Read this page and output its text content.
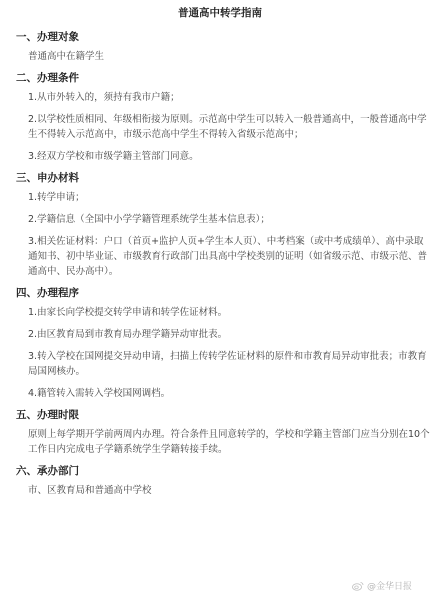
普通高中转学指南
一、办理对象
普通高中在籍学生
二、办理条件
1.从市外转入的，须持有我市户籍；
2.以学校性质相同、年级相衔接为原则。示范高中学生可以转入一般普通高中，一般普通高中学生不得转入示范高中，市级示范高中学生不得转入省级示范高中；
3.经双方学校和市级学籍主管部门同意。
三、申办材料
1.转学申请；
2.学籍信息（全国中小学学籍管理系统学生基本信息表）；
3.相关佐证材料：户口（首页+监护人页+学生本人页）、中考档案（或中考成绩单）、高中录取通知书、初中毕业证、市级教育行政部门出具高中学校类别的证明（如省级示范、市级示范、普通高中、民办高中）。
四、办理程序
1.由家长向学校提交转学申请和转学佐证材料。
2.由区教育局到市教育局办理学籍异动审批表。
3.转入学校在国网提交异动申请，扫描上传转学佐证材料的原件和市教育局异动审批表；市教育局国网核办。
4.籍管转入需转入学校国网调档。
五、办理时限
原则上每学期开学前两周内办理。符合条件且同意转学的，学校和学籍主管部门应当分别在10个工作日内完成电子学籍系统学生学籍转接手续。
六、承办部门
市、区教育局和普通高中学校
@金华日报
